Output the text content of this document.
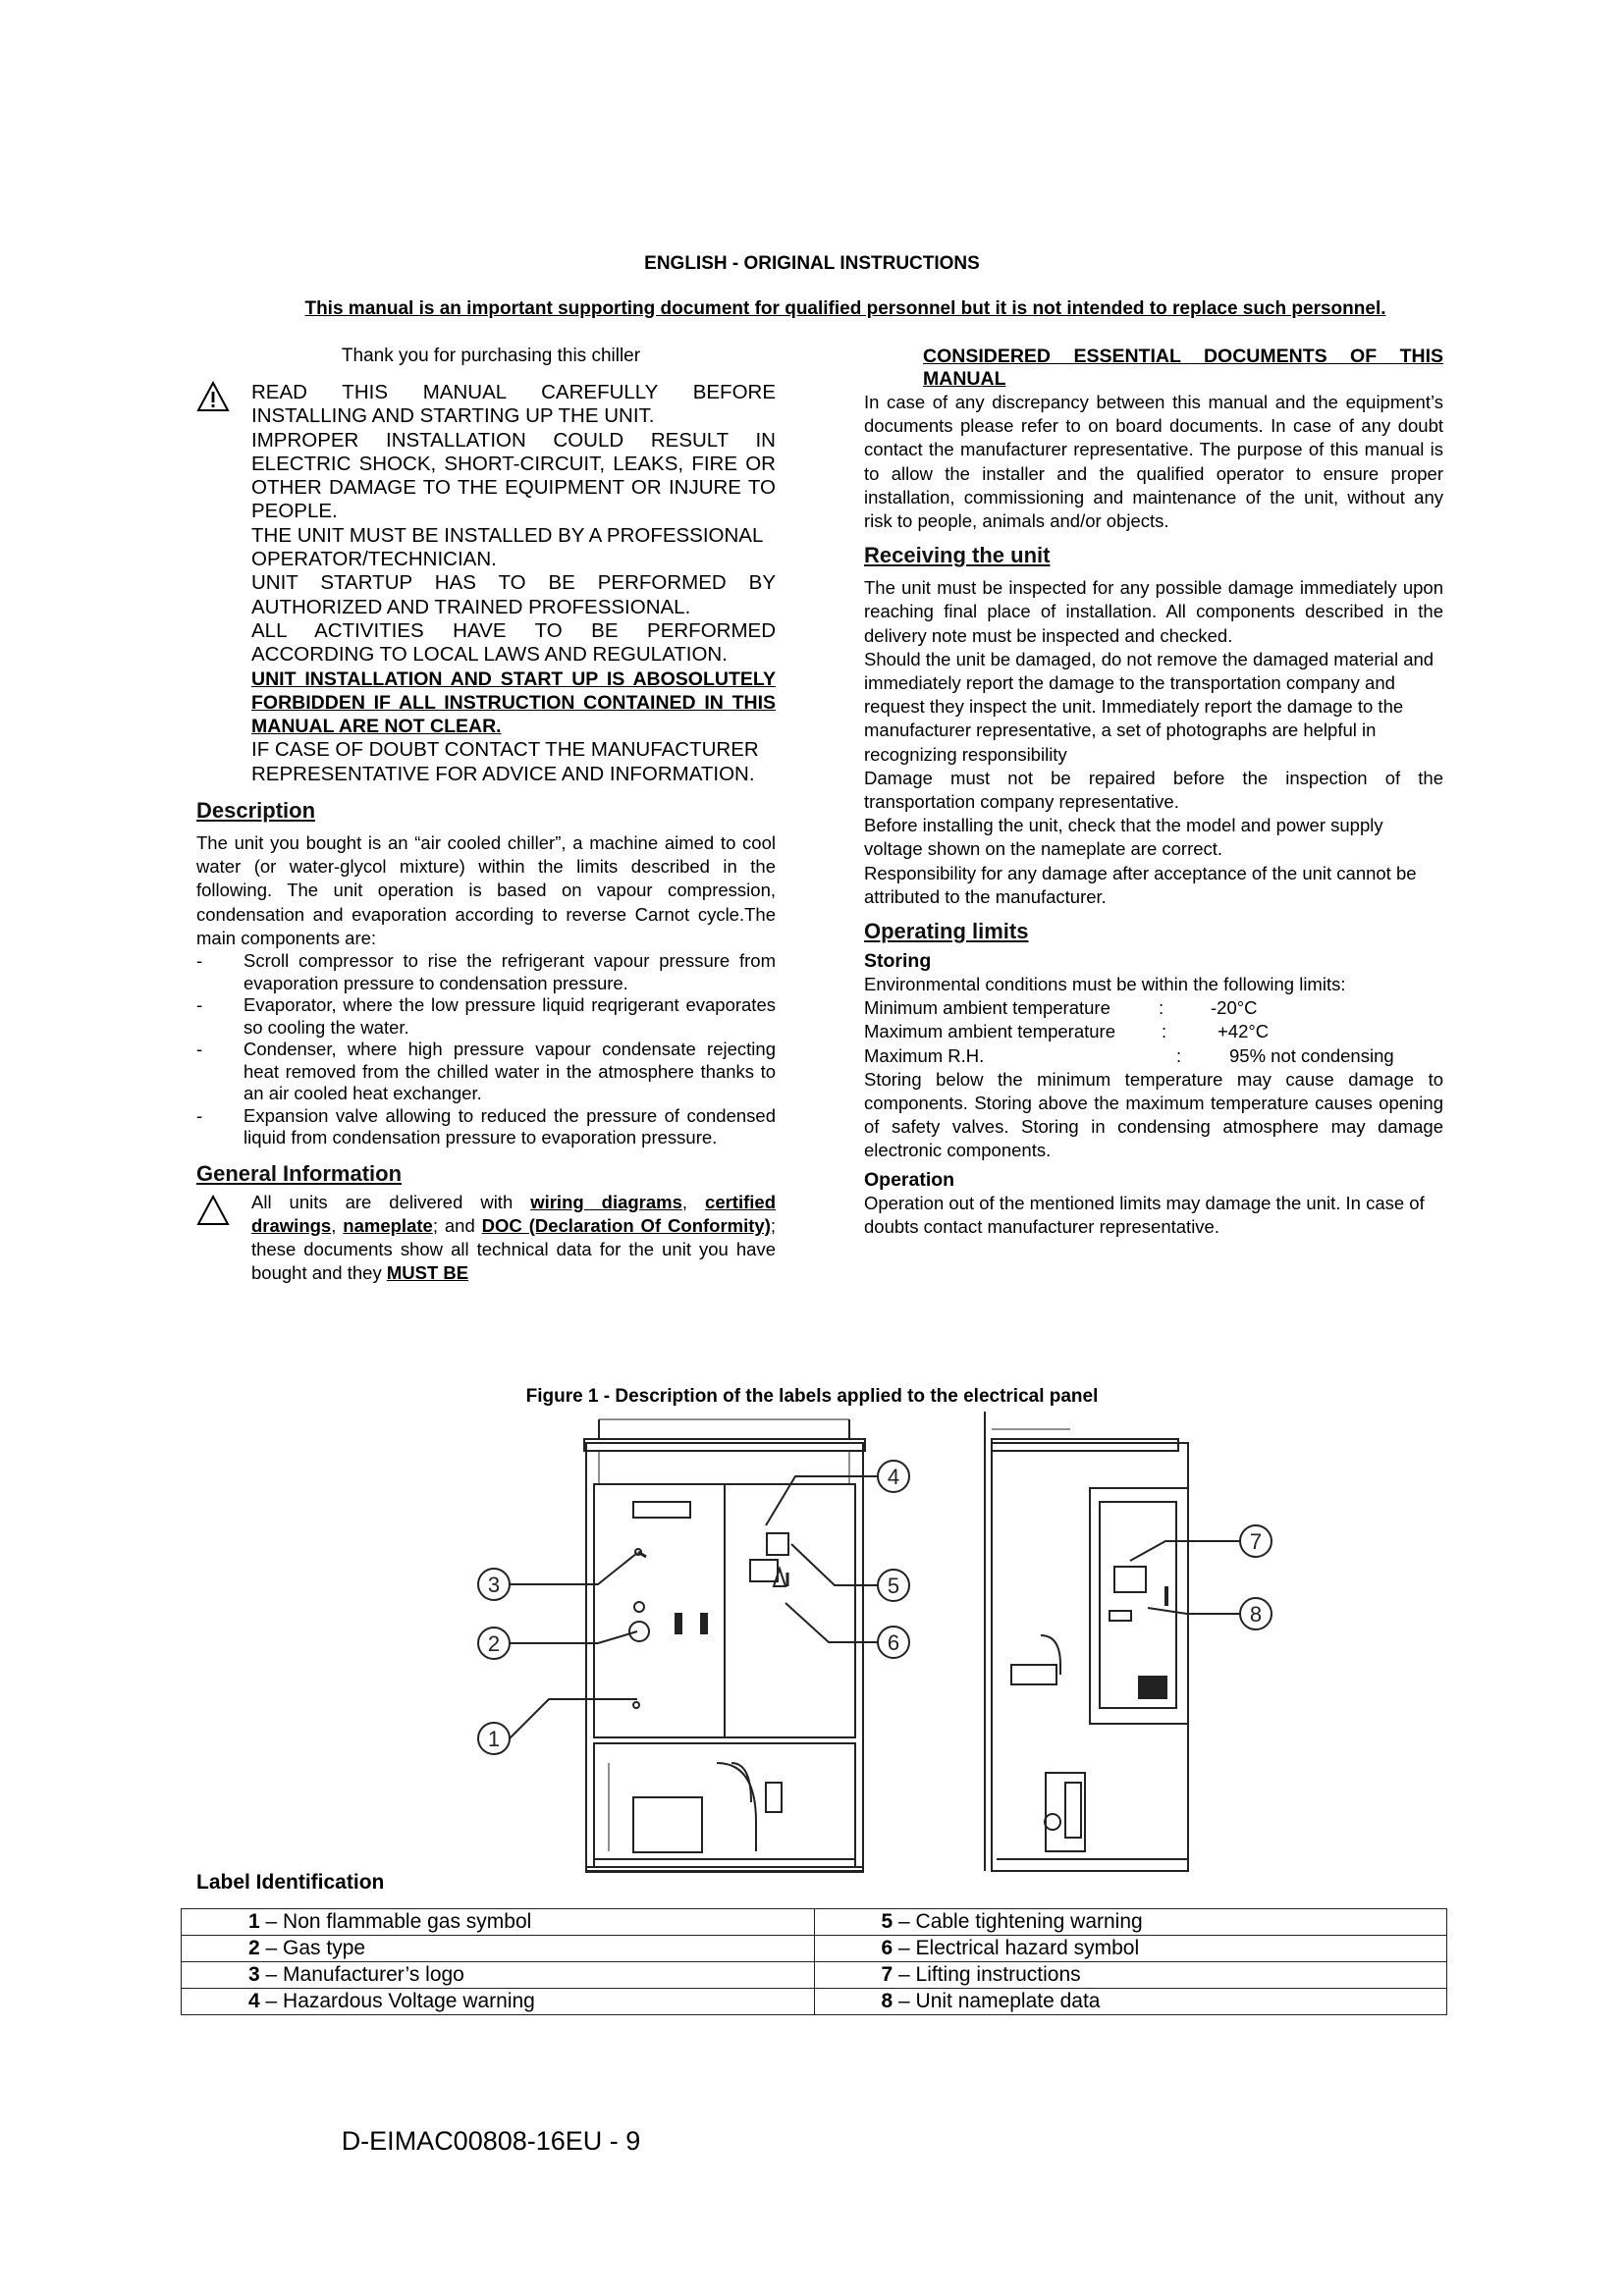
ENGLISH - ORIGINAL INSTRUCTIONS
This manual is an important supporting document for qualified personnel but it is not intended to replace such personnel.

Thank you for purchasing this chiller

READ THIS MANUAL CAREFULLY BEFORE INSTALLING AND STARTING UP THE UNIT.

IMPROPER INSTALLATION COULD RESULT IN ELECTRIC SHOCK, SHORT-CIRCUIT, LEAKS, FIRE OR OTHER DAMAGE TO THE EQUIPMENT OR INJURE TO PEOPLE.

THE UNIT MUST BE INSTALLED BY A PROFESSIONAL OPERATOR/TECHNICIAN.

UNIT STARTUP HAS TO BE PERFORMED BY AUTHORIZED AND TRAINED PROFESSIONAL.

ALL ACTIVITIES HAVE TO BE PERFORMED ACCORDING TO LOCAL LAWS AND REGULATION.

UNIT INSTALLATION AND START UP IS ABOSOLUTELY FORBIDDEN IF ALL INSTRUCTION CONTAINED IN THIS MANUAL ARE NOT CLEAR.

IF CASE OF DOUBT CONTACT THE MANUFACTURER REPRESENTATIVE FOR ADVICE AND INFORMATION.

Description

The unit you bought is an “air cooled chiller”, a machine aimed to cool water (or water-glycol mixture) within the limits described in the following. The unit operation is based on vapour compression, condensation and evaporation according to reverse Carnot cycle.The main components are:

- Scroll compressor to rise the refrigerant vapour pressure from evaporation pressure to condensation pressure.

- Evaporator, where the low pressure liquid reqrigerant evaporates so cooling the water.

- Condenser, where high pressure vapour condensate rejecting heat removed from the chilled water in the atmosphere thanks to an air cooled heat exchanger.

- Expansion valve allowing to reduced the pressure of condensed liquid from condensation pressure to evaporation pressure.

General Information

All units are delivered with wiring diagrams, certified drawings, nameplate; and DOC (Declaration Of Conformity); these documents show all technical data for the unit you have bought and they MUST BE

CONSIDERED ESSENTIAL DOCUMENTS OF THIS MANUAL

In case of any discrepancy between this manual and the equipment’s documents please refer to on board documents. In case of any doubt contact the manufacturer representative. The purpose of this manual is to allow the installer and the qualified operator to ensure proper installation, commissioning and maintenance of the unit, without any risk to people, animals and/or objects.

Receiving the unit

The unit must be inspected for any possible damage immediately upon reaching final place of installation. All components described in the delivery note must be inspected and checked.

Should the unit be damaged, do not remove the damaged material and immediately report the damage to the transportation company and request they inspect the unit. Immediately report the damage to the manufacturer representative, a set of photographs are helpful in recognizing responsibility

Damage must not be repaired before the inspection of the transportation company representative.

Before installing the unit, check that the model and power supply voltage shown on the nameplate are correct.

Responsibility for any damage after acceptance of the unit cannot be attributed to the manufacturer.

Operating limits

Storing

Environmental conditions must be within the following limits:

Minimum ambient temperature	:	-20°C
Maximum ambient temperature	:	+42°C
Maximum R.H.	:	95% not condensing

Storing below the minimum temperature may cause damage to components. Storing above the maximum temperature causes opening of safety valves. Storing in condensing atmosphere may damage electronic components.

Operation

Operation out of the mentioned limits may damage the unit. In case of doubts contact manufacturer representative.

Figure 1 - Description of the labels applied to the electrical panel
1
2
3
4
5
6
7
8
Label Identification
1 – Non flammable gas symbol	5 – Cable tightening warning
2 – Gas type	6 – Electrical hazard symbol
3 – Manufacturer’s logo	7 – Lifting instructions
4 – Hazardous Voltage warning	8 – Unit nameplate data
D-EIMAC00808-16EU - 9
